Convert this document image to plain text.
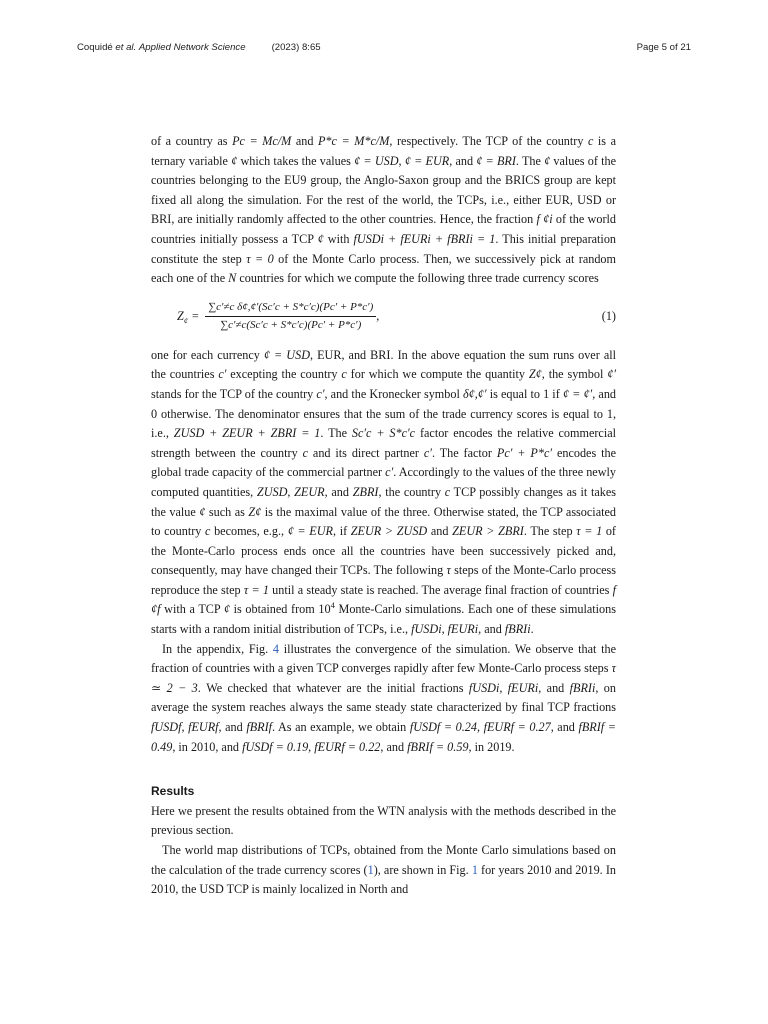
Coquidé et al. Applied Network Science	(2023) 8:65	Page 5 of 21

of a country as Pc = Mc/M and P*c = M*c/M, respectively. The TCP of the country c is a ternary variable ¢ which takes the values ¢ = USD, ¢ = EUR, and ¢ = BRI. The ¢ values of the countries belonging to the EU9 group, the Anglo-Saxon group and the BRICS group are kept fixed all along the simulation. For the rest of the world, the TCPs, i.e., either EUR, USD or BRI, are initially randomly affected to the other countries. Hence, the fraction f ¢i of the world countries initially possess a TCP ¢ with fUSDi + fEURi + fBRIi = 1. This initial preparation constitute the step τ = 0 of the Monte Carlo process. Then, we successively pick at random each one of the N countries for which we compute the following three trade currency scores

$Z_¢ = \frac{\text{∑c′≠c δ¢,¢′(Sc′c + S*c′c)(Pc′ + P*c′)}}{\sum c'\ne c(Sc'c + S*c'c)(Pc' + P*c')}$ ,	(1)

one for each currency ¢ = USD, EUR, and BRI. In the above equation the sum runs over all the countries c′ excepting the country c for which we compute the quantity Z¢, the symbol ¢′ stands for the TCP of the country c′, and the Kronecker symbol δ¢,¢′ is equal to 1 if ¢ = ¢′, and 0 otherwise. The denominator ensures that the sum of the trade currency scores is equal to 1, i.e., ZUSD + ZEUR + ZBRI = 1. The Sc′c + S*c′c factor encodes the relative commercial strength between the country c and its direct partner c′. The factor Pc′ + P*c′ encodes the global trade capacity of the commercial partner c′. Accordingly to the values of the three newly computed quantities, ZUSD, ZEUR, and ZBRI, the country c TCP possibly changes as it takes the value ¢ such as Z¢ is the maximal value of the three. Otherwise stated, the TCP associated to country c becomes, e.g., ¢ = EUR, if ZEUR > ZUSD and ZEUR > ZBRI. The step τ = 1 of the Monte-Carlo process ends once all the countries have been successively picked and, consequently, may have changed their TCPs. The following τ steps of the Monte-Carlo process reproduce the step τ = 1 until a steady state is reached. The average final fraction of countries f ¢f with a TCP ¢ is obtained from $10^4$ Monte-Carlo simulations. Each one of these simulations starts with a random initial distribution of TCPs, i.e., fUSDi, fEURi, and fBRIi.

In the appendix, Fig. 4 illustrates the convergence of the simulation. We observe that the fraction of countries with a given TCP converges rapidly after few Monte-Carlo process steps τ ≃ 2 − 3. We checked that whatever are the initial fractions fUSDi, fEURi, and fBRIi, on average the system reaches always the same steady state characterized by final TCP fractions fUSDf, fEURf, and fBRIf. As an example, we obtain fUSDf = 0.24, fEURf = 0.27, and fBRIf = 0.49, in 2010, and fUSDf = 0.19, fEURf = 0.22, and fBRIf = 0.59, in 2019.

Results

Here we present the results obtained from the WTN analysis with the methods described in the previous section.

The world map distributions of TCPs, obtained from the Monte Carlo simulations based on the calculation of the trade currency scores (1), are shown in Fig. 1 for years 2010 and 2019. In 2010, the USD TCP is mainly localized in North and
